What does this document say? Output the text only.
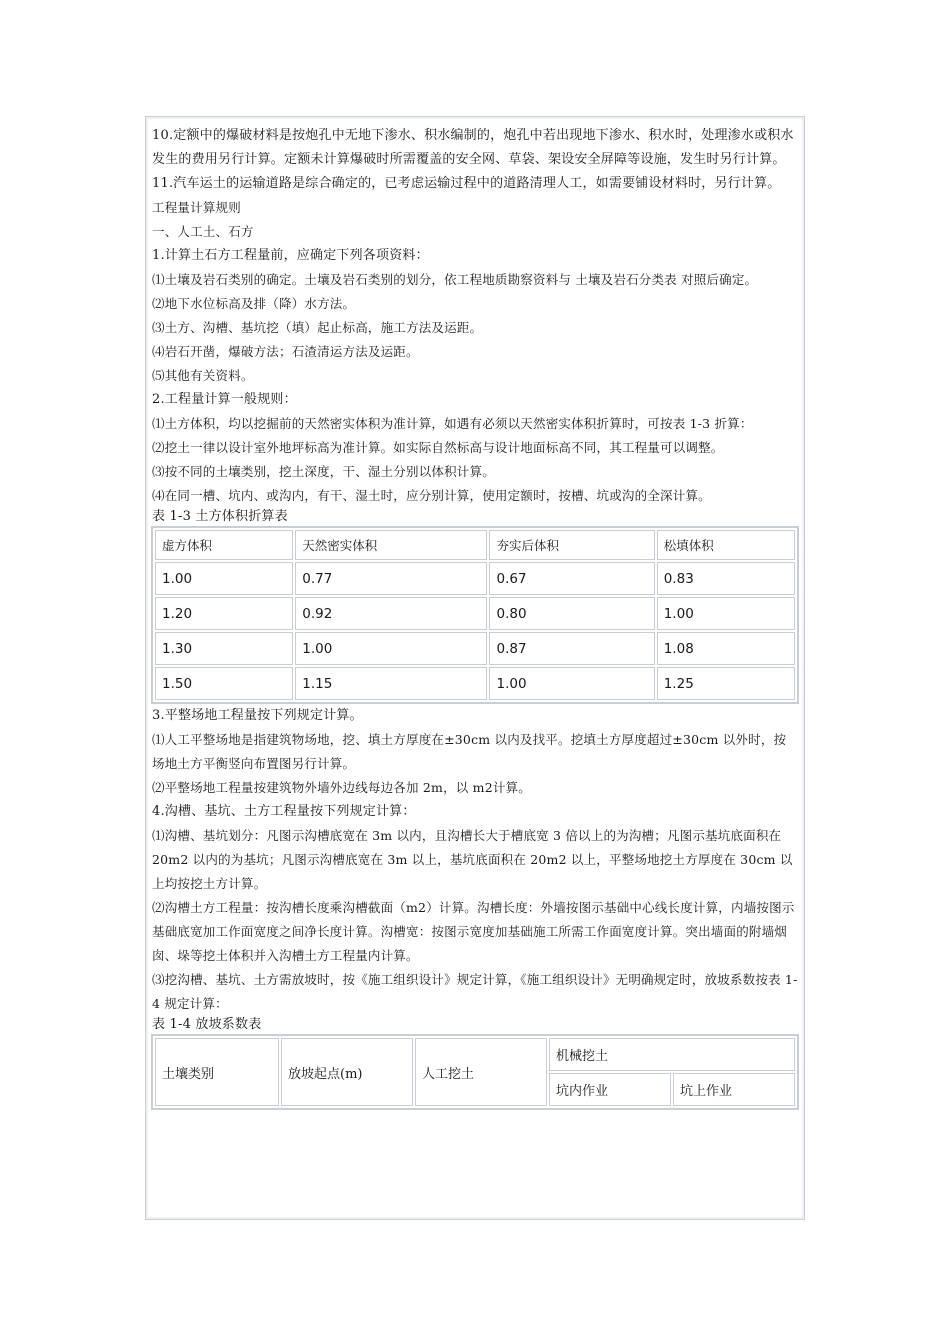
10.定额中的爆破材料是按炮孔中无地下渗水、积水编制的，炮孔中若出现地下渗水、积水时，处理渗水或积水发生的费用另行计算。定额未计算爆破时所需覆盖的安全网、草袋、架设安全屏障等设施，发生时另行计算。

11.汽车运土的运输道路是综合确定的，已考虑运输过程中的道路清理人工，如需要铺设材料时，另行计算。

工程量计算规则

一、人工土、石方

1.计算土石方工程量前，应确定下列各项资料：

⑴土壤及岩石类别的确定。土壤及岩石类别的划分，依工程地质勘察资料与 土壤及岩石分类表 对照后确定。

⑵地下水位标高及排（降）水方法。

⑶土方、沟槽、基坑挖（填）起止标高，施工方法及运距。

⑷岩石开凿，爆破方法；石渣清运方法及运距。

⑸其他有关资料。

2.工程量计算一般规则：

⑴土方体积，均以挖掘前的天然密实体积为准计算，如遇有必须以天然密实体积折算时，可按表 1-3 折算：

⑵挖土一律以设计室外地坪标高为准计算。如实际自然标高与设计地面标高不同，其工程量可以调整。

⑶按不同的土壤类别，挖土深度，干、湿土分别以体积计算。

⑷在同一槽、坑内、或沟内，有干、湿土时，应分别计算，使用定额时，按槽、坑或沟的全深计算。

表 1-3 土方体积折算表

虚方体积	天然密实体积	夯实后体积	松填体积
1.00	0.77	0.67	0.83
1.20	0.92	0.80	1.00
1.30	1.00	0.87	1.08
1.50	1.15	1.00	1.25

3.平整场地工程量按下列规定计算。

⑴人工平整场地是指建筑物场地，挖、填土方厚度在±30cm 以内及找平。挖填土方厚度超过±30cm 以外时，按场地土方平衡竖向布置图另行计算。

⑵平整场地工程量按建筑物外墙外边线每边各加 2m，以 m2计算。

4.沟槽、基坑、土方工程量按下列规定计算：

⑴沟槽、基坑划分：凡图示沟槽底宽在 3m 以内，且沟槽长大于槽底宽 3 倍以上的为沟槽；凡图示基坑底面积在 20m2 以内的为基坑；凡图示沟槽底宽在 3m 以上，基坑底面积在 20m2 以上，平整场地挖土方厚度在 30cm 以上均按挖土方计算。

⑵沟槽土方工程量：按沟槽长度乘沟槽截面（m2）计算。沟槽长度：外墙按图示基础中心线长度计算，内墙按图示基础底宽加工作面宽度之间净长度计算。沟槽宽：按图示宽度加基础施工所需工作面宽度计算。突出墙面的附墙烟囱、垛等挖土体积并入沟槽土方工程量内计算。

⑶挖沟槽、基坑、土方需放坡时，按《施工组织设计》规定计算，《施工组织设计》无明确规定时，放坡系数按表 1-4 规定计算：

表 1-4 放坡系数表

土壤类别	放坡起点(m)	人工挖土	机械挖土	
			坑内作业	坑上作业
